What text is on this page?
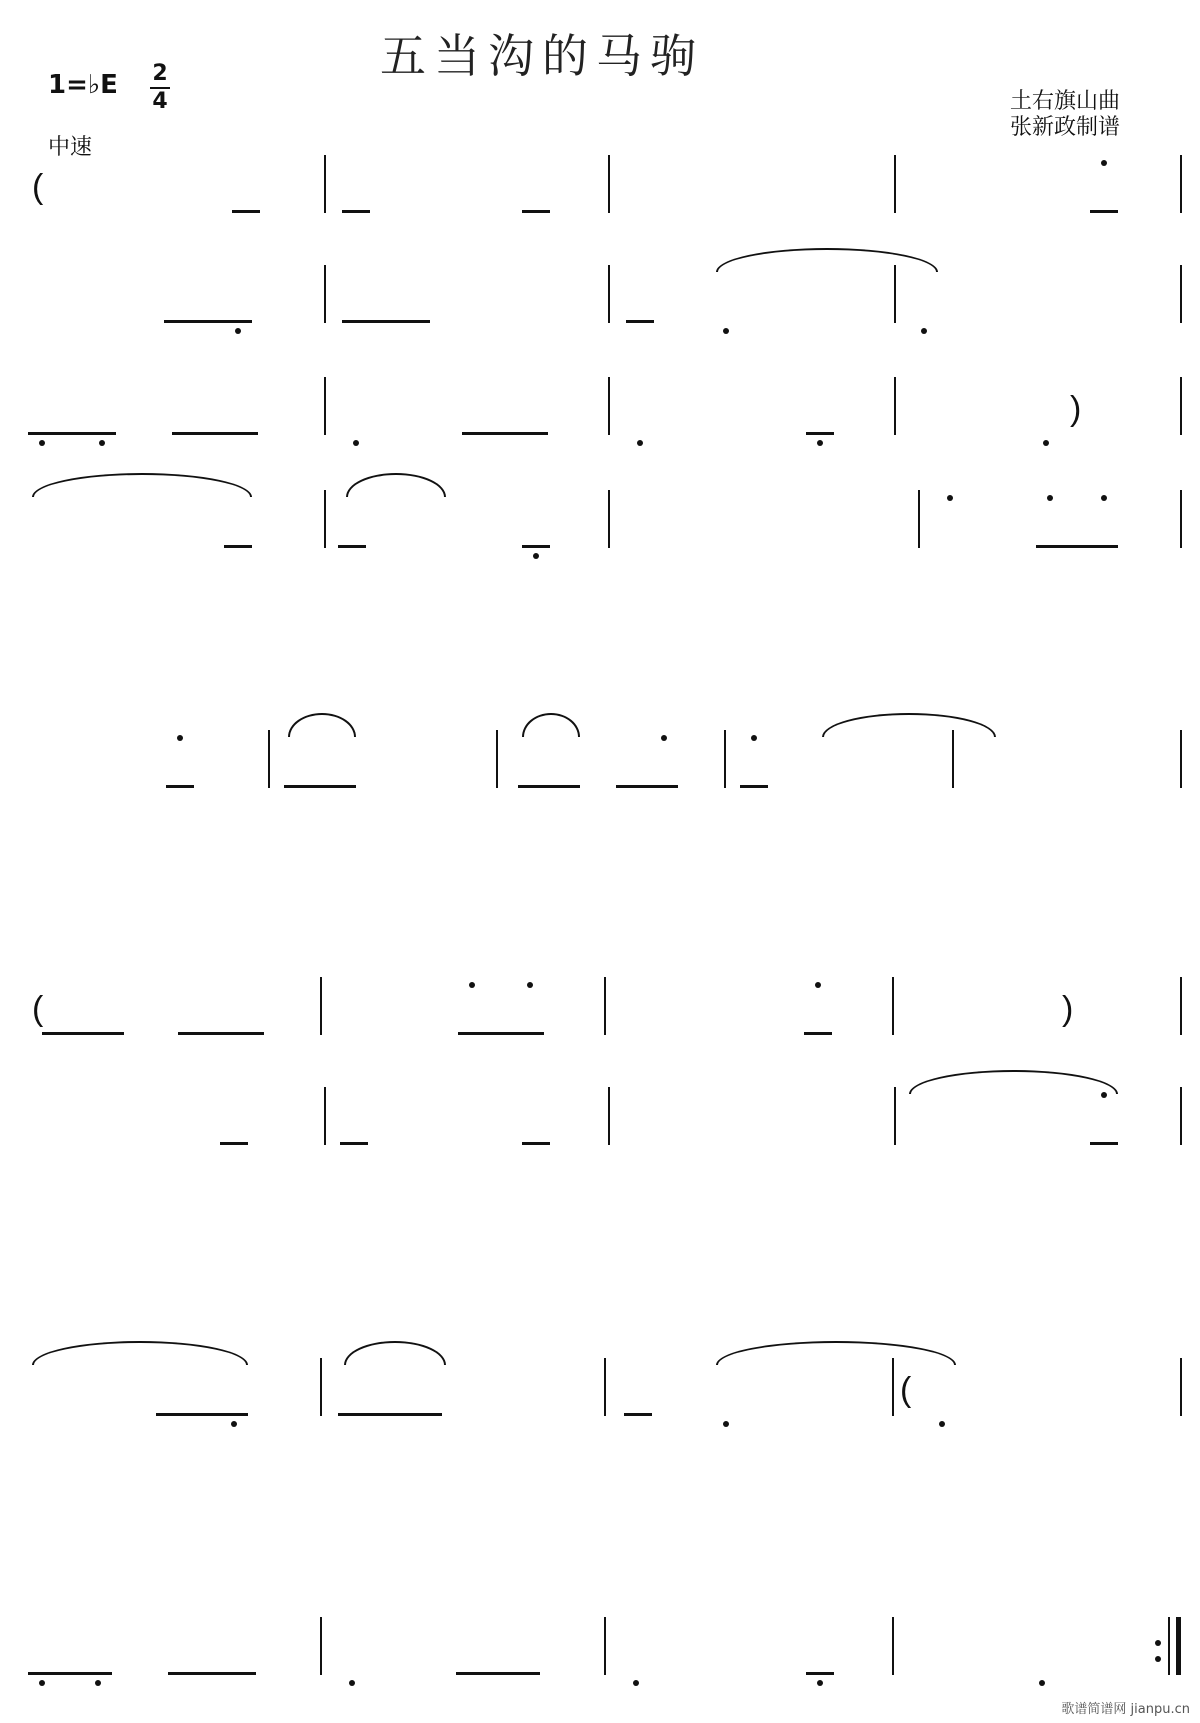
五当沟的马驹
1=♭E 2
4
中速
土右旗山曲
张新政制谱
(
)
(	)
(
歌谱简谱网 jianpu.cn
